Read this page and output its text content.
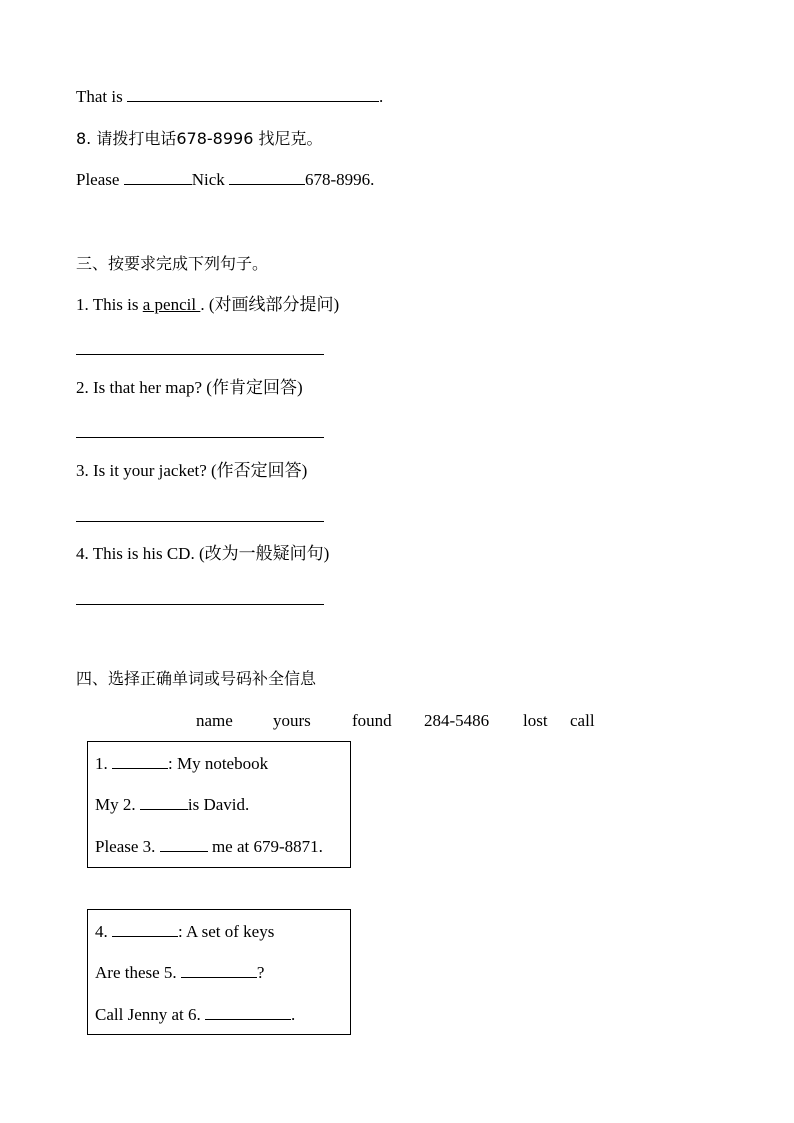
That is	.
8. 请拨打电话678-8996 找尼克。
Please	Nick	678-8996.
三、按要求完成下列句子。
1. This is a pencil . (对画线部分提问)
2. Is that her map? (作肯定回答)
3. Is it your jacket? (作否定回答)
4. This is his CD. (改为一般疑问句)
四、选择正确单词或号码补全信息
name yours found 284-5486 lost call
1.	: My notebook
My 2.	is David.
Please 3.	me at 679-8871.
4.	: A set of keys
Are these 5.	?
Call Jenny at 6.	.
